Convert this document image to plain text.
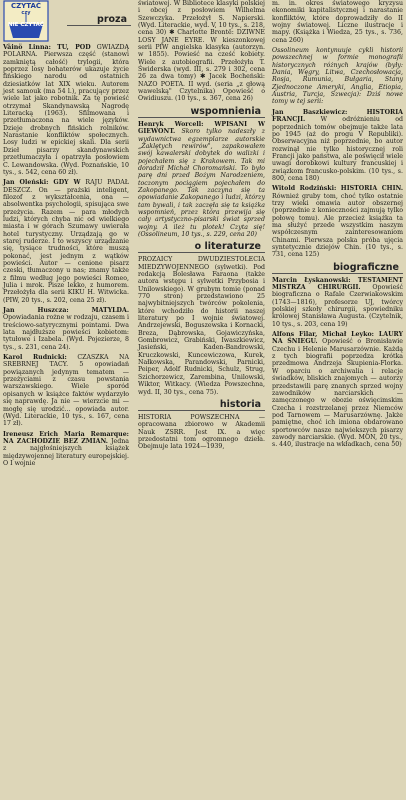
CZYTAĆ
czy
NIE CZYTAĆ	proza

Väinö Linna: TU, POD GWIAZDĄ POLARNA. Pierwsza część (stanowi zamkniętą całość) trylogii, która poprzez losy bohaterów ukazuje życie fińskiego narodu od ostatnich dziesiatków lat XIX wieku. Autorem jest samouk (ma 54 l.), pracujący przez wiele lat jako robotnik. Za tę powieść otrzymał Skandynawską Nagrodę Literacką (1963). Sfilmowana i przetłumaczona na wiele języków. Dzieje drobnych fińskich rolników. Narastanie konfliktów społecznych. Losy ludzi w epickiej skali. Dla serii Dzieł pisarzy skandynawskich przetłumaczyła i opatrzyła posłowiem C. Lewandowska. (Wyd. Poznańskie, 10 tys., s. 542, cena 60 zł).

Jan Oleński: GDY W RAJU PADAŁ DESZCZ. On — prażski inteligent, filozof z wykształcenia, ona — absolwentka psychologii, spisująca swe przeżycia. Razem — para młodych ludzi, których chyba nic od wielkiego miasta i w górach Szumawy uwierała hotel turystyczny. Urządzają go w starej ruderze. I to wszyscy urządzanie się, tysiące trudności, które muszą pokonać, jest jednym z wątków powieści. Autor — cenione pisarz czeski, tłumaczony u nas; znamy także z filmu według jego powieści Romeo, Julia i mrok. Pisze lekko, z humorem. Przełożyła dla serii KIKU H. Witwicka. (PIW, 20 tys., s. 202, cena 25 zł).

Jan Huszcza: MATYLDA. Opowiadania rożne w rodzaju, czasem i treściowo-satyrycznymi pointami. Dwa lata najdłuższe powieści kobietom: tytułowe i Izabela. (Wyd. Pojezierze, 8 tys., s. 231, cena 24).

Karol Rudnicki: CZASZKA NA SREBRNEJ TACY. 5 opowiadań powiązanych jedynym tematem — przeżyciami z czasu powstania warszawskiego. Wiele sporód opisanych w książce faktów wydarzyło się naprawdę. Ja nie — wierzcie mi — mogłę się urodzić... opowiada autor. (Wyd. Literackie, 10 tys., s. 167, cena 17 zł).

Ireneusz Erich Maria Remarque: NA ZACHODZIE BEZ ZMIAN. Jedna z najgłośniejszych książek międzywojennej literatury europejskiej. O I wojnie

światowej. W Bibliotece klasyki polskiej i obcej z posłowiem Wilhelma Szewczyka. Przełożył S. Napierski. (Wyd. Literackie, wyd. V, 10 tys., s. 218, cena 30) ✱ Charlotte Brontë: DZIWNE LOSY JANE EYRE. W kieszonkowej serii PIW angielska klasyka (autorzyn. w 1855). Powieść na cześć kobiety. Wiele z autobiografii. Przełożyła T. Świderska (wyd. III, s. 279 i 302, cena 26 za dwa tomy) ✱ Jacek Bocheński: NAZO POETA. II wyd. (seria „z głową wawelską" Czytelnika) Opowieść o Owidiuszu. (10 tys., s. 367, cena 26)

wspomnienia

Henryk Worcell: WPISANI W GIEWONT. Skoro tylko nadeszły z wydawnictwa egzemplarze autorskie „Zaklętych rewirów", zapakowałem swój kawalerski dobytek do walizki i pojechałem się z Krakowem. Tak mi doradził Michał Choromański. To było parę dni przed Bożym Narodzeniem, toczonym pociągiem pojechałem do Zakopanego. Tak zaczyna się ta opowiadanie Zakopanego i ludzi, którzy tam bywali, i tak zaczęła się ta książka wspomnień, przez która przewija się cały artystyczno-pisarski świat sprzed wojny. A ileż tu plotek! Czyta się! (Ossolineum, 10 tys., s. 229, cena 20)

o literaturze

PROZAICY DWUDZIESTOLECIA MIEDZYWOJENNEGO (sylwetki). Pod redakcją Bolesława Faraona (także autora wstępu i sylwetki Przybosia i Unilowskiego). W grubym tomie (ponad 770 stron) przedstawiono 25 najwybitniejszych twórców pokolenia, które wchodziło do historii naszej literatury po I wojnie światowej. Andrzejewski, Boguszewska i Kornacki, Breza, Dąbrowska, Gojawiczyńska, Gombrowicz, Grabiński, Iwaszkiewicz, Jasieński, Kaden-Bandrowski, Kruczkowski, Kuncewiczowa, Kurek, Nałkowska, Parandowski, Parnicki, Peiper, Adolf Rudnicki, Schulz, Strug, Szichorzewicz, Zarembina, Unilowski, Wiktor, Witkacy. (Wiedza Powszechna, wyd. II, 30 tys., cena 75).

historia

HISTORIA POWSZECHNA — opracowana zbiorowo w Akademii Nauk ZSRR. Jest IX. a więc przedostatni tom ogromnego dzieła. Obejmuje lata 1924—1939,

m. in. okres światowego kryzysu ekonomiki kapitalistycznej i narastanie konfliktów, które doprowadziły do II wojny światowej. Liczne ilustracje i mapy. (Książka i Wiedza, 25 tys., s. 736, cena 260)

Ossolineum kontynuuje cykli historii powszechnej w formie monografii historycznych różnych krajów (były: Dania, Węgry, Litwa, Czechosłowacja, Rosja, Rumunia, Bułgaria, Stany Zjednoczone Ameryki, Anglia, Etiopia, Austria, Turcja, Szwecja): Dziś nowe tomy w tej serii:

Jan Baszkiewicz: HISTORIA FRANCJI. W odróżnieniu od poprzednich tomów obejmuje także lata po 1945 (aż do progu V Republiki). Obserwacyjna niż poprzednie, bo autor rozwinął nie tylko historycznej roli Francji jako państwa, ale poświęcił wiele uwagi dorobkowi kultury francuskiej i związkom francusko-polskim. (10 tys., s. 800, cena 180)

Witold Rodziński: HISTORIA CHIN. Również gruby tom, choć tylko ostatnie trzy wieki omawia autor obszernej (poprzednie z konieczności zajmują tylko połowę tomu). Ale przecież książka ta ma służyć przede wszystkim naszym współczesnym zainteresowaniom Chinami. Pierwsza polska próba ujęcia syntetycznie dziejów Chin. (10 tys., s. 731, cena 125)

biograficzne

Marcin Łyskanowski: TESTAMENT MISTRZA CHIRURGII. Opowieść biograficzna o Rafale Czerwiakowskim (1743—1816), profesorze UJ, twórcy polskiej szkoły chirurgii, spowiedniku królowej Stanisława Augusta. (Czytelnik, 10 tys., s. 203, cena 19)

Alfons Filar, Michał Leyko: LAURY NA ŚNIEGU. Opowieść o Bronisławie Czechu i Helenie Marusarzównie. Każdą z tych biografii poprzedza krótka przedmowa Andrzeja Skupienia-Florka. W oparciu o archiwalia i relacje świadków, bliskich znajomych — autorzy przedstawili parę znanych sprzed wojny zawodników narciarskich — zamęczonego w obozie oświęcimskim Czecha i rozstrzelanej przez Niemców pod Tarnowem — Marusarzównę. Jakże pamiętne, choć ich imiona obdarowano sportowców nasze najwiekszych pisarzy zawody narciarskie. (Wyd. MON, 20 tys., s. 440, ilustracje na wkładkach, cena 50)
